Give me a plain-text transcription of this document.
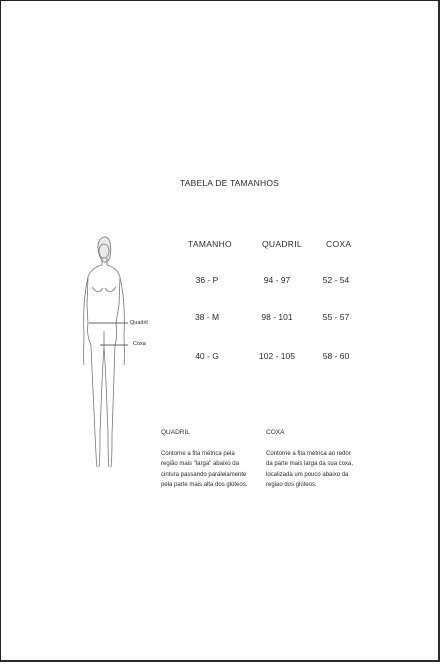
TABELA DE TAMANHOS
TAMANHO	QUADRIL	COXA
36 - P	94 - 97	52 - 54
38 - M	98 - 101	55 - 57
40 - G	102 - 105	58 - 60
Quadril
Coxa
QUADRIL
Contorne a fita métrica pela
região mais "larga" abaixo da
cintura passando paralelamente
pela parte mais alta dos glúteos.
COXA
Contorne a fita métrica ao redor
da parte mais larga da sua coxa,
localizada um pouco abaixo da
regiao dos glúteos.
